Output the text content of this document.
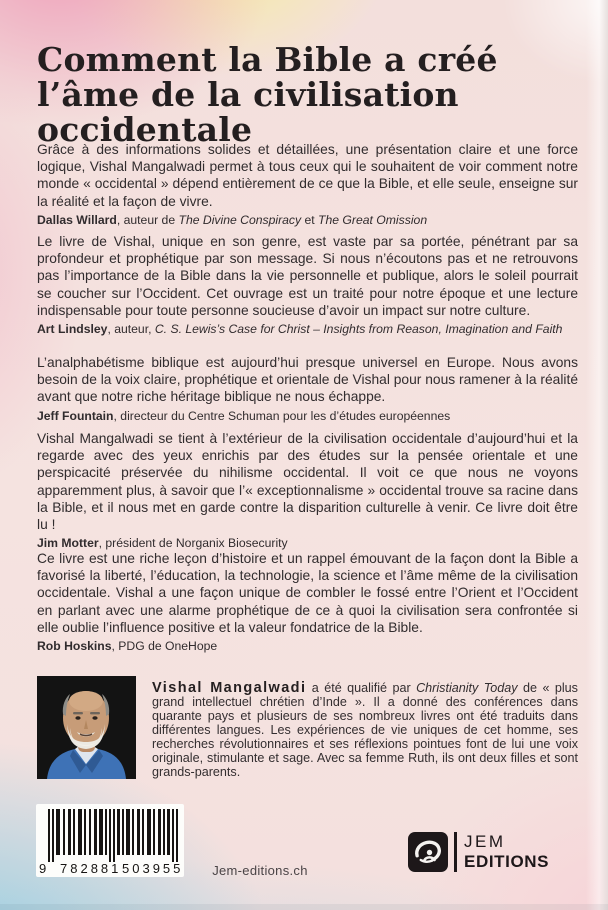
Comment la Bible a créé l’âme de la civilisation occidentale

Grâce à des informations solides et détaillées, une présentation claire et une force logique, Vishal Mangalwadi permet à tous ceux qui le souhaitent de voir comment notre monde « occidental » dépend entièrement de ce que la Bible, et elle seule, enseigne sur la réalité et la façon de vivre.

Dallas Willard, auteur de The Divine Conspiracy et The Great Omission

Le livre de Vishal, unique en son genre, est vaste par sa portée, pénétrant par sa profondeur et prophétique par son message. Si nous n’écoutons pas et ne retrouvons pas l’importance de la Bible dans la vie personnelle et publique, alors le soleil pourrait se coucher sur l’Occident. Cet ouvrage est un traité pour notre époque et une lecture indispensable pour toute personne soucieuse d’avoir un impact sur notre culture.

Art Lindsley, auteur, C. S. Lewis’s Case for Christ – Insights from Reason, Imagination and Faith

L’analphabétisme biblique est aujourd’hui presque universel en Europe. Nous avons besoin de la voix claire, prophétique et orientale de Vishal pour nous ramener à la réalité avant que notre riche héritage biblique ne nous échappe.

Jeff Fountain, directeur du Centre Schuman pour les d’études européennes

Vishal Mangalwadi se tient à l’extérieur de la civilisation occidentale d’aujourd’hui et la regarde avec des yeux enrichis par des études sur la pensée orientale et une perspicacité préservée du nihilisme occidental. Il voit ce que nous ne voyons apparemment plus, à savoir que l’« exceptionnalisme » occidental trouve sa racine dans la Bible, et il nous met en garde contre la disparition culturelle à venir. Ce livre doit être lu !

Jim Motter, président de Norganix Biosecurity

Ce livre est une riche leçon d’histoire et un rappel émouvant de la façon dont la Bible a favorisé la liberté, l’éducation, la technologie, la science et l’âme même de la civilisation occidentale. Vishal a une façon unique de combler le fossé entre l’Orient et l’Occident en parlant avec une alarme prophétique de ce à quoi la civilisation sera confrontée si elle oublie l’influence positive et la valeur fondatrice de la Bible.

Rob Hoskins, PDG de OneHope
Vishal Mangalwadi a été qualifié par Christianity Today de « plus grand intellectuel chrétien d’Inde ». Il a donné des conférences dans quarante pays et plusieurs de ses nombreux livres ont été traduits dans différentes langues. Les expériences de vie uniques de cet homme, ses recherches révolutionnaires et ses réflexions pointues font de lui une voix originale, stimulante et sage. Avec sa femme Ruth, ils ont deux filles et sont grands-parents.
9 782881 503955	Jem-editions.ch
JEM
EDITIONS
